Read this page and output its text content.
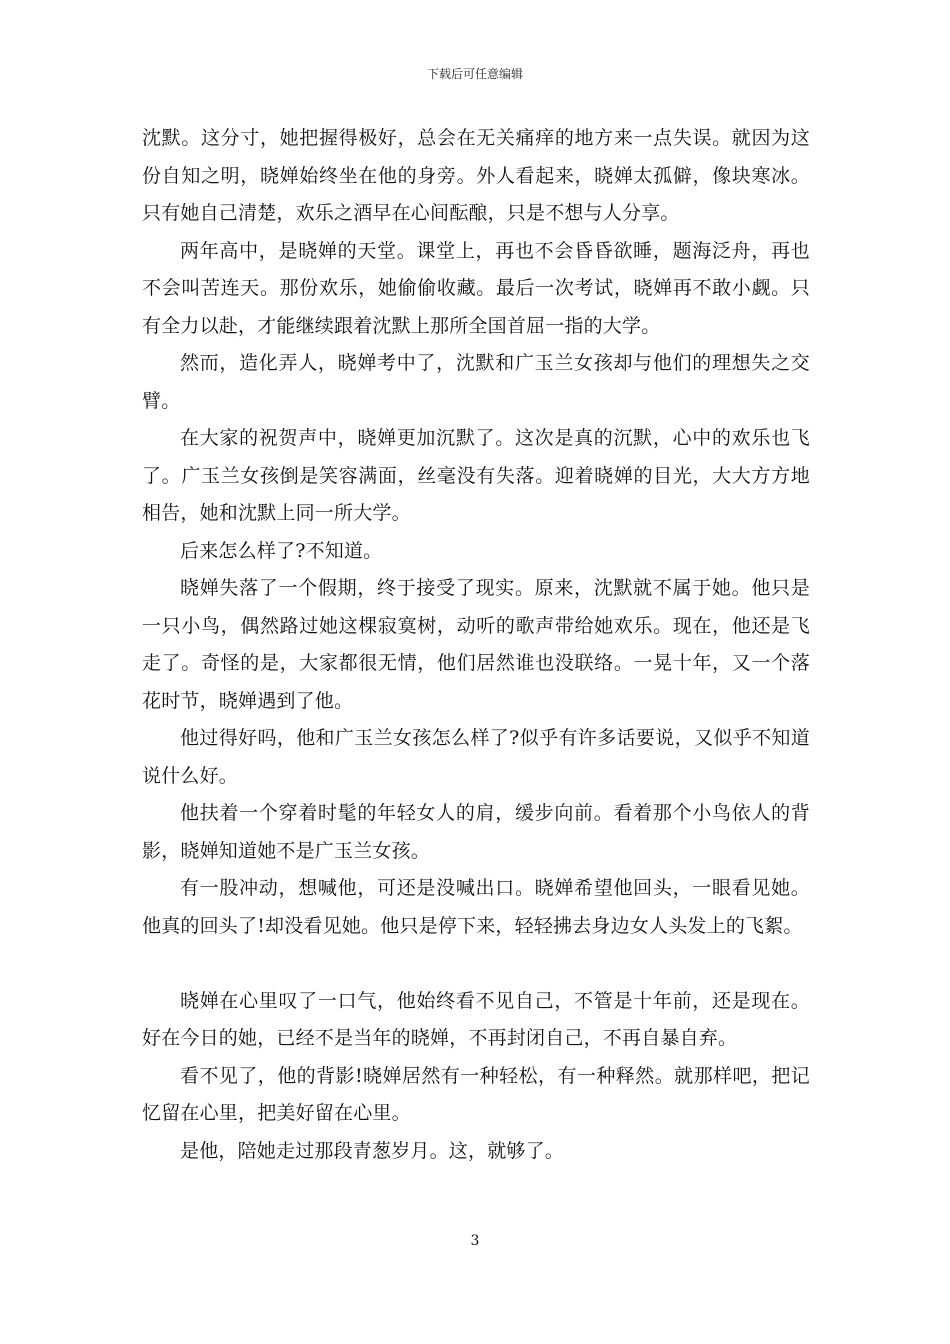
下载后可任意编辑

沈默。这分寸，她把握得极好，总会在无关痛痒的地方来一点失误。就因为这份自知之明，晓婵始终坐在他的身旁。外人看起来，晓婵太孤僻，像块寒冰。只有她自己清楚，欢乐之酒早在心间酝酿，只是不想与人分享。

两年高中，是晓婵的天堂。课堂上，再也不会昏昏欲睡，题海泛舟，再也不会叫苦连天。那份欢乐，她偷偷收藏。最后一次考试，晓婵再不敢小觑。只有全力以赴，才能继续跟着沈默上那所全国首屈一指的大学。

然而，造化弄人，晓婵考中了，沈默和广玉兰女孩却与他们的理想失之交臂。

在大家的祝贺声中，晓婵更加沉默了。这次是真的沉默，心中的欢乐也飞了。广玉兰女孩倒是笑容满面，丝毫没有失落。迎着晓婵的目光，大大方方地相告，她和沈默上同一所大学。

后来怎么样了?不知道。

晓婵失落了一个假期，终于接受了现实。原来，沈默就不属于她。他只是一只小鸟，偶然路过她这棵寂寞树，动听的歌声带给她欢乐。现在，他还是飞走了。奇怪的是，大家都很无情，他们居然谁也没联络。一晃十年，又一个落花时节，晓婵遇到了他。

他过得好吗，他和广玉兰女孩怎么样了?似乎有许多话要说，又似乎不知道说什么好。

他扶着一个穿着时髦的年轻女人的肩，缓步向前。看着那个小鸟依人的背影，晓婵知道她不是广玉兰女孩。

有一股冲动，想喊他，可还是没喊出口。晓婵希望他回头，一眼看见她。他真的回头了!却没看见她。他只是停下来，轻轻拂去身边女人头发上的飞絮。

晓婵在心里叹了一口气，他始终看不见自己，不管是十年前，还是现在。好在今日的她，已经不是当年的晓婵，不再封闭自己，不再自暴自弃。

看不见了，他的背影!晓婵居然有一种轻松，有一种释然。就那样吧，把记忆留在心里，把美好留在心里。

是他，陪她走过那段青葱岁月。这，就够了。

3
